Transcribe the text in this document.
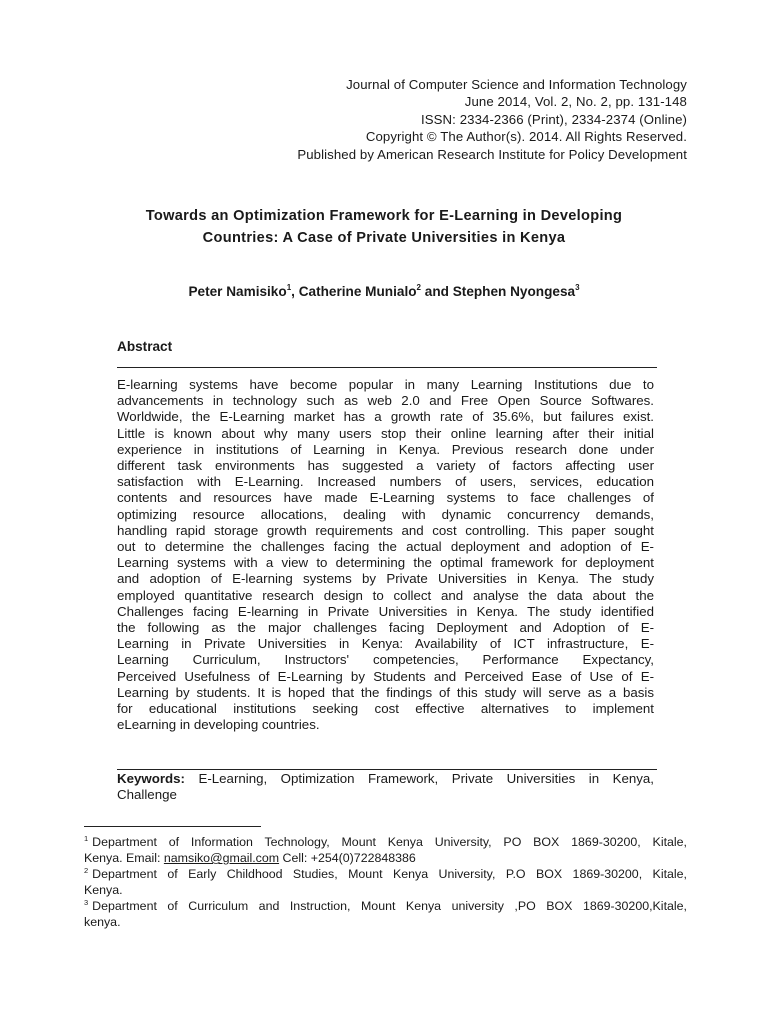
Journal of Computer Science and Information Technology
June 2014, Vol. 2, No. 2, pp. 131-148
ISSN: 2334-2366 (Print), 2334-2374 (Online)
Copyright © The Author(s). 2014. All Rights Reserved.
Published by American Research Institute for Policy Development
Towards an Optimization Framework for E-Learning in Developing
Countries: A Case of Private Universities in Kenya
Peter Namisiko$^1$, Catherine Munialo$^2$ and Stephen Nyongesa$^3$
Abstract
E-learning systems have become popular in many Learning Institutions due to
advancements in technology such as web 2.0 and Free Open Source Softwares.
Worldwide, the E-Learning market has a growth rate of 35.6%, but failures exist.
Little is known about why many users stop their online learning after their initial
experience in institutions of Learning in Kenya. Previous research done under
different task environments has suggested a variety of factors affecting user
satisfaction with E-Learning. Increased numbers of users, services, education
contents and resources have made E-Learning systems to face challenges of
optimizing resource allocations, dealing with dynamic concurrency demands,
handling rapid storage growth requirements and cost controlling. This paper sought
out to determine the challenges facing the actual deployment and adoption of E-
Learning systems with a view to determining the optimal framework for deployment
and adoption of E-learning systems by Private Universities in Kenya. The study
employed quantitative research design to collect and analyse the data about the
Challenges facing E-learning in Private Universities in Kenya. The study identified
the following as the major challenges facing Deployment and Adoption of E-
Learning in Private Universities in Kenya: Availability of ICT infrastructure, E-
Learning Curriculum, Instructors' competencies, Performance Expectancy,
Perceived Usefulness of E-Learning by Students and Perceived Ease of Use of E-
Learning by students. It is hoped that the findings of this study will serve as a basis
for educational institutions seeking cost effective alternatives to implement
eLearning in developing countries.
Keywords: E-Learning, Optimization Framework, Private Universities in Kenya,
Challenge
$^1$ Department of Information Technology, Mount Kenya University, PO BOX 1869-30200, Kitale,
Kenya. Email: namsiko@gmail.com Cell: +254(0)722848386
$^2$ Department of Early Childhood Studies, Mount Kenya University, P.O BOX 1869-30200, Kitale,
Kenya.
$^3$ Department of Curriculum and Instruction, Mount Kenya university ,PO BOX 1869-30200,Kitale,
kenya.
